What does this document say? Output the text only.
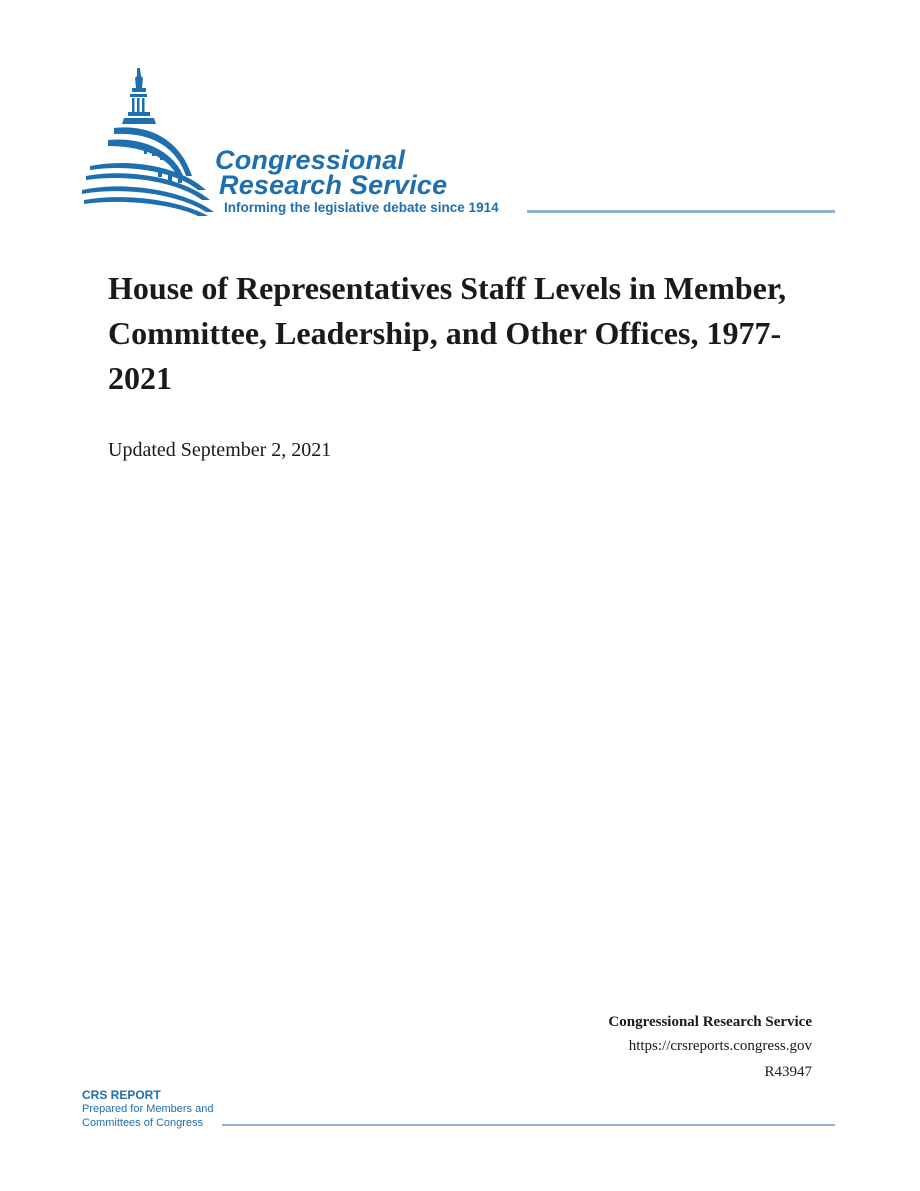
Congressional
Research Service
Informing the legislative debate since 1914
House of Representatives Staff Levels in Member, Committee, Leadership, and Other Offices, 1977-2021
Updated September 2, 2021
Congressional Research Service
https://crsreports.congress.gov
R43947
CRS REPORT
Prepared for Members and
Committees of Congress
